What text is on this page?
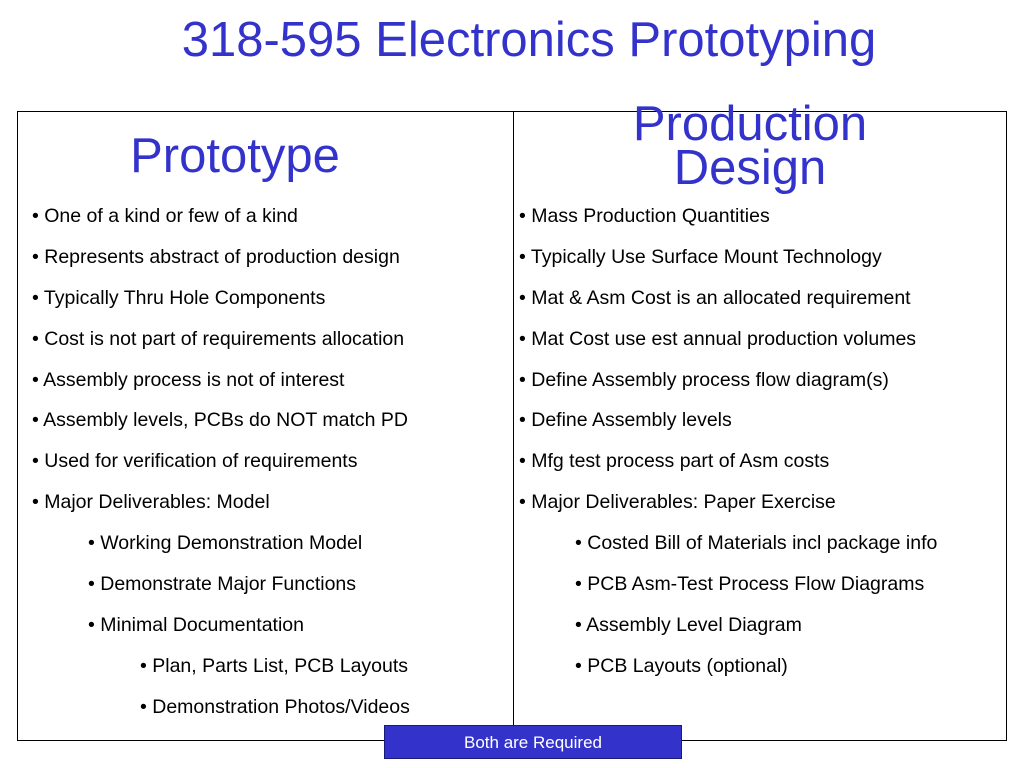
318-595 Electronics Prototyping
Prototype
Production
Design
• One of a kind or few of a kind
• Represents abstract of production design
• Typically Thru Hole Components
• Cost is not part of requirements allocation
• Assembly process is not of interest
• Assembly levels, PCBs do NOT match PD
• Used for verification of requirements
• Major Deliverables: Model
• Working Demonstration Model
• Demonstrate Major Functions
• Minimal Documentation
• Plan, Parts List, PCB Layouts
• Demonstration Photos/Videos
• Mass Production Quantities
• Typically Use Surface Mount Technology
• Mat & Asm Cost is an allocated requirement
• Mat Cost use est annual production volumes
• Define Assembly process flow diagram(s)
• Define Assembly levels
• Mfg test process part of Asm costs
• Major Deliverables: Paper Exercise
• Costed Bill of Materials incl package info
• PCB Asm-Test Process Flow Diagrams
• Assembly Level Diagram
• PCB Layouts (optional)
Both are Required
